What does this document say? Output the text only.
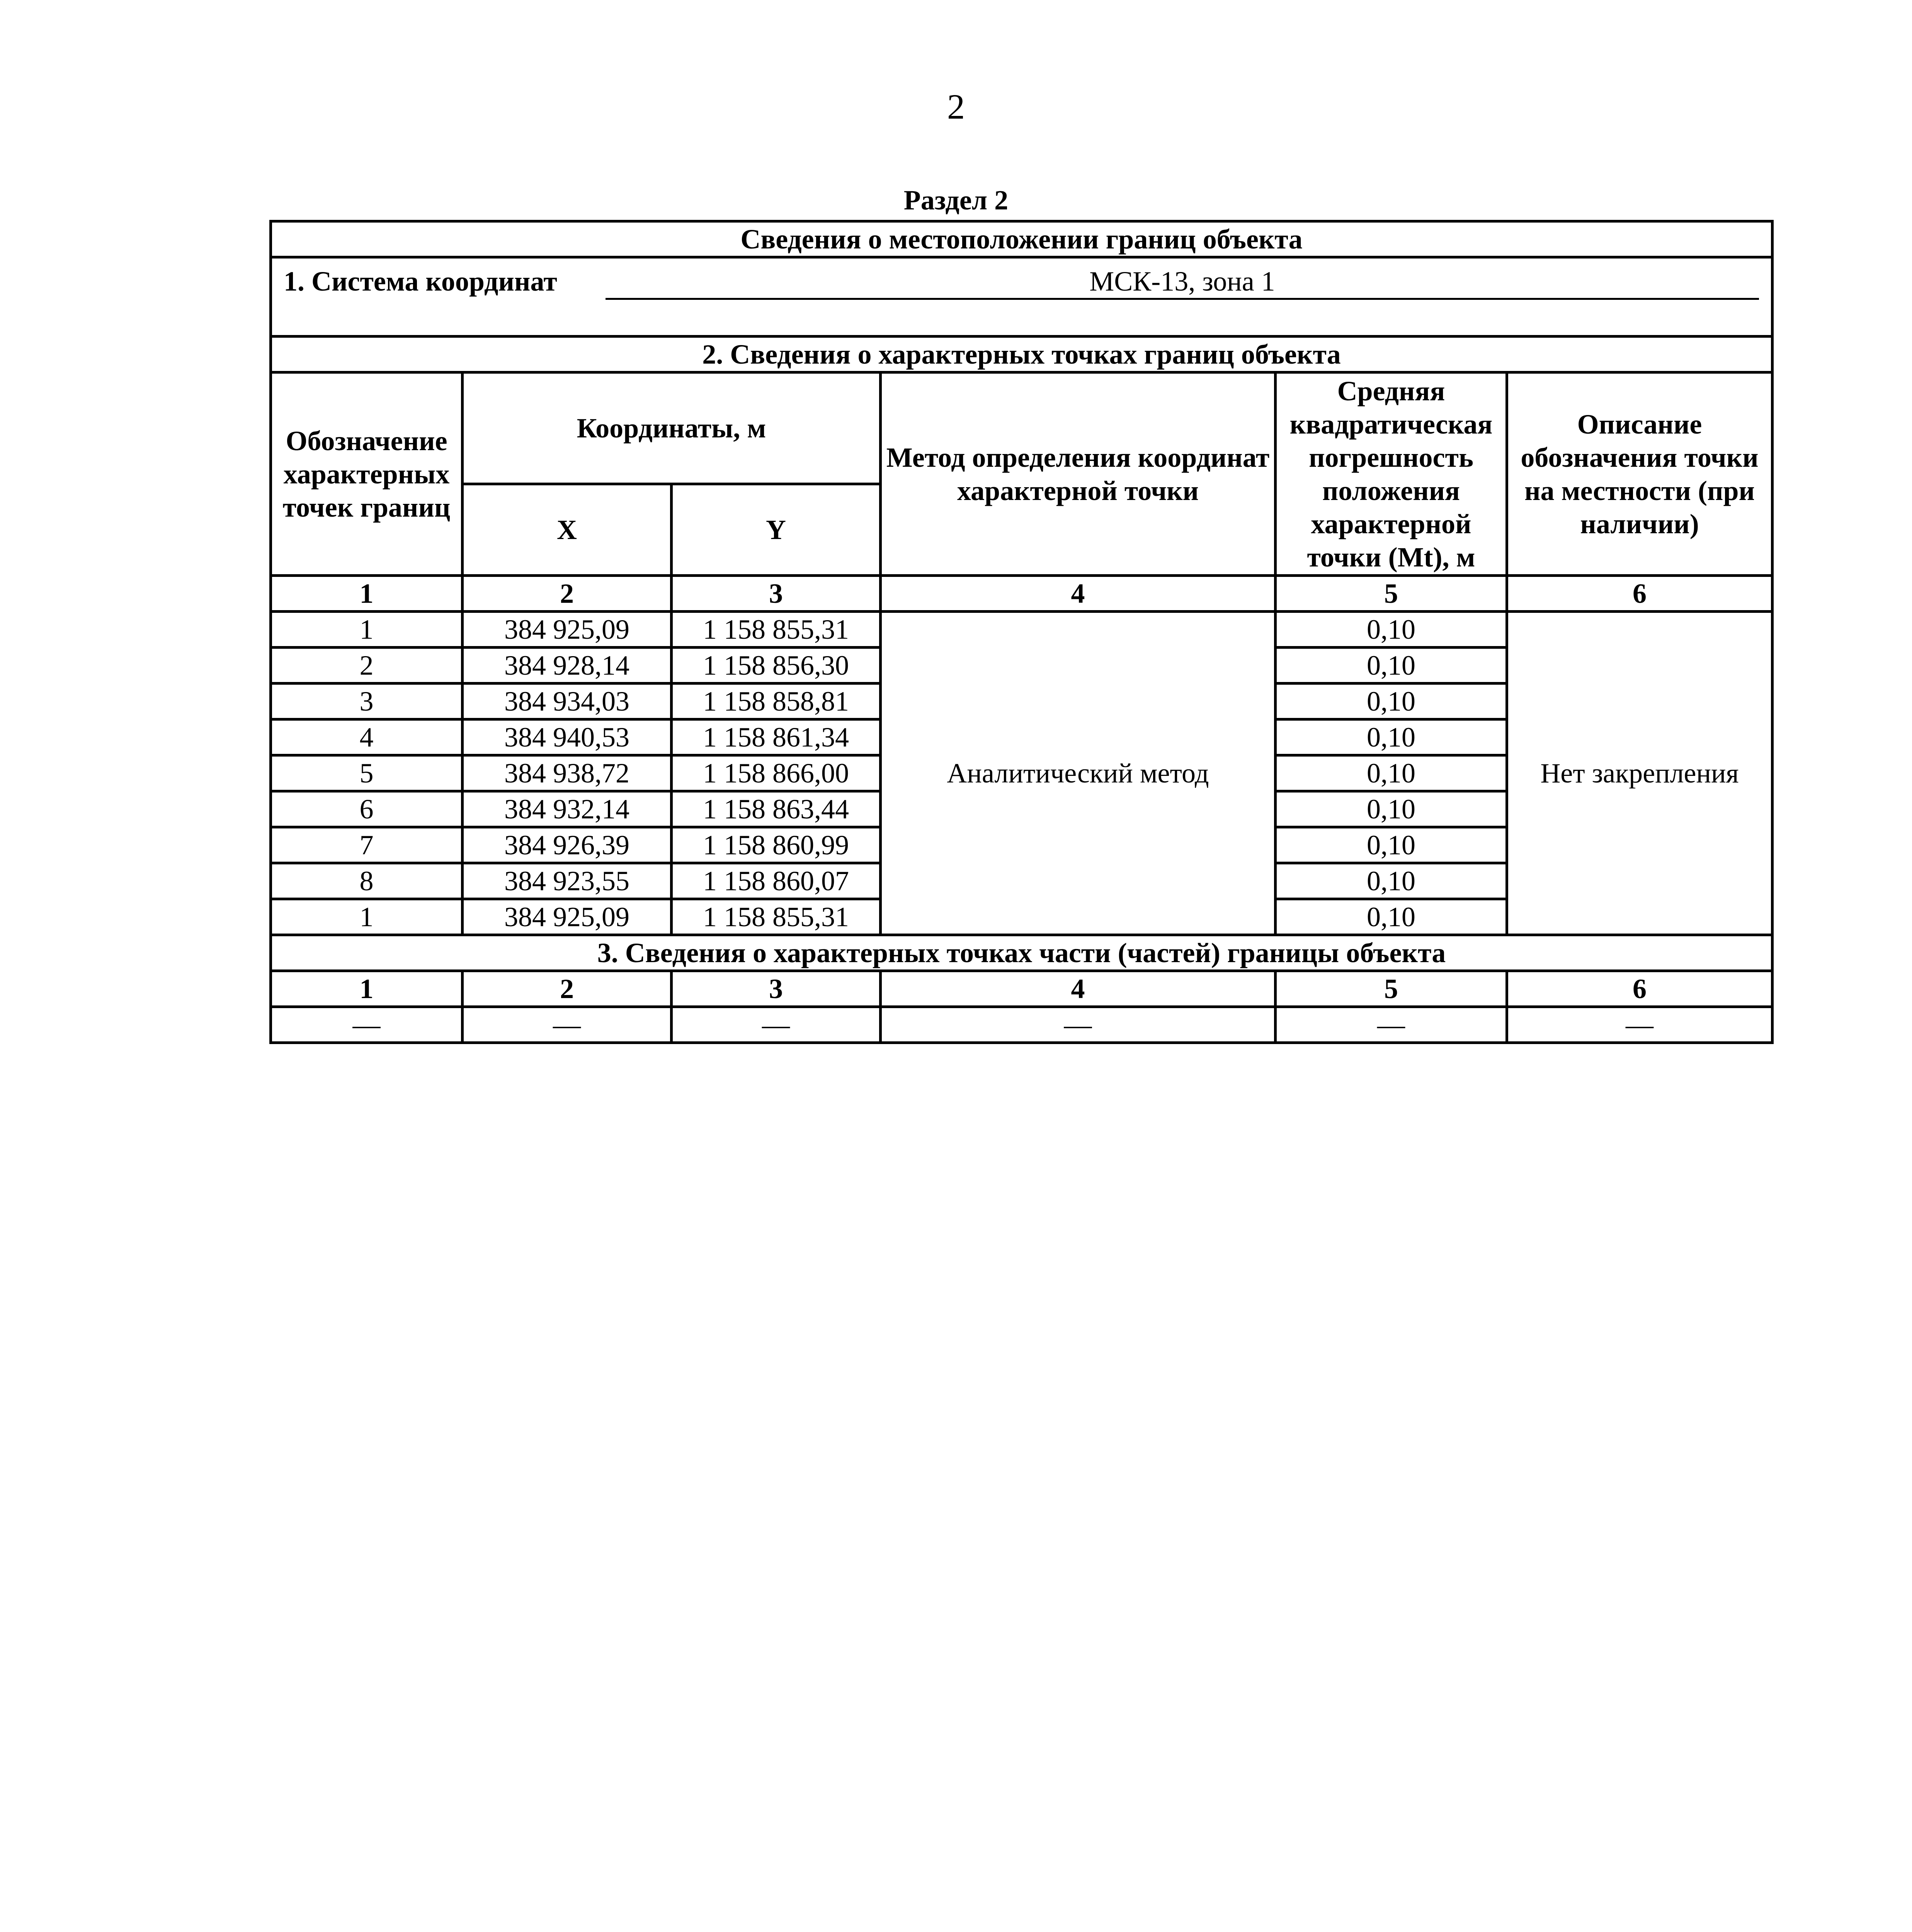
2
Раздел 2
Сведения о местоположении границ объекта					

1. Система координат МСК-13, зона 1					

2. Сведения о характерных точках границ объекта					
Обозначение характерных точек границ	Координаты, м		Метод определения координат характерной точки	Средняя квадратическая погрешность положения характерной точки (Mt), м	Описание обозначения точки на местности (при наличии)
	X	Y			
1	2	3	4	5	6
1	384 925,09	1 158 855,31	Аналитический метод	0,10	Нет закрепления
2	384 928,14	1 158 856,30		0,10	
3	384 934,03	1 158 858,81		0,10	
4	384 940,53	1 158 861,34		0,10	
5	384 938,72	1 158 866,00		0,10	
6	384 932,14	1 158 863,44		0,10	
7	384 926,39	1 158 860,99		0,10	
8	384 923,55	1 158 860,07		0,10	
1	384 925,09	1 158 855,31		0,10	
3. Сведения о характерных точках части (частей) границы объекта					
1	2	3	4	5	6
—	—	—	—	—	—
